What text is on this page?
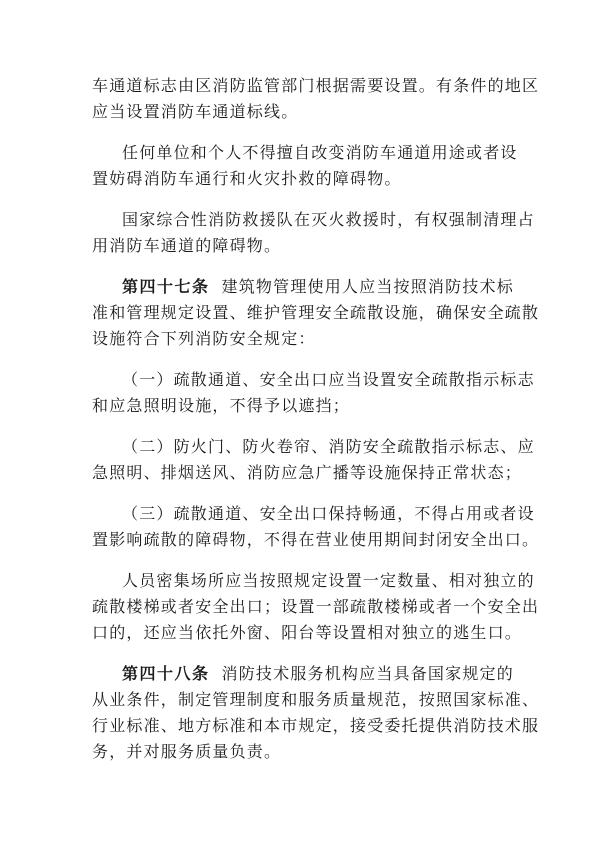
车通道标志由区消防监管部门根据需要设置。有条件的地区
应当设置消防车通道标线。

任何单位和个人不得擅自改变消防车通道用途或者设
置妨碍消防车通行和火灾扑救的障碍物。

国家综合性消防救援队在灭火救援时，有权强制清理占
用消防车通道的障碍物。

第四十七条 建筑物管理使用人应当按照消防技术标
准和管理规定设置、维护管理安全疏散设施，确保安全疏散
设施符合下列消防安全规定：

（一）疏散通道、安全出口应当设置安全疏散指示标志
和应急照明设施，不得予以遮挡；

（二）防火门、防火卷帘、消防安全疏散指示标志、应
急照明、排烟送风、消防应急广播等设施保持正常状态；

（三）疏散通道、安全出口保持畅通，不得占用或者设
置影响疏散的障碍物，不得在营业使用期间封闭安全出口。

人员密集场所应当按照规定设置一定数量、相对独立的
疏散楼梯或者安全出口；设置一部疏散楼梯或者一个安全出
口的，还应当依托外窗、阳台等设置相对独立的逃生口。

第四十八条 消防技术服务机构应当具备国家规定的
从业条件，制定管理制度和服务质量规范，按照国家标准、
行业标准、地方标准和本市规定，接受委托提供消防技术服
务，并对服务质量负责。
